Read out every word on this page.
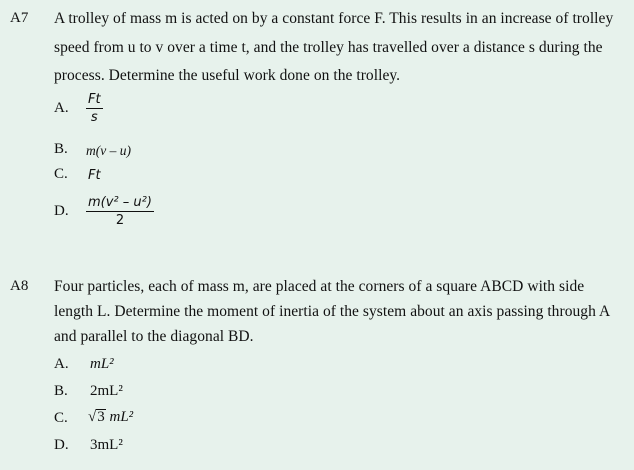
A7 A trolley of mass m is acted on by a constant force F. This results in an increase of trolley
speed from u to v over a time t, and the trolley has travelled over a distance s during the
process. Determine the useful work done on the trolley.
A. $\frac{Ft}{s}$
B. m(v – u)
C. Ft
D. $\frac{\text{m(v² – u²)}}{2}$
A8 Four particles, each of mass m, are placed at the corners of a square ABCD with side
length L. Determine the moment of inertia of the system about an axis passing through A
and parallel to the diagonal BD.
A. mL²
B. 2mL²
C. √3 mL²
D. 3mL²
